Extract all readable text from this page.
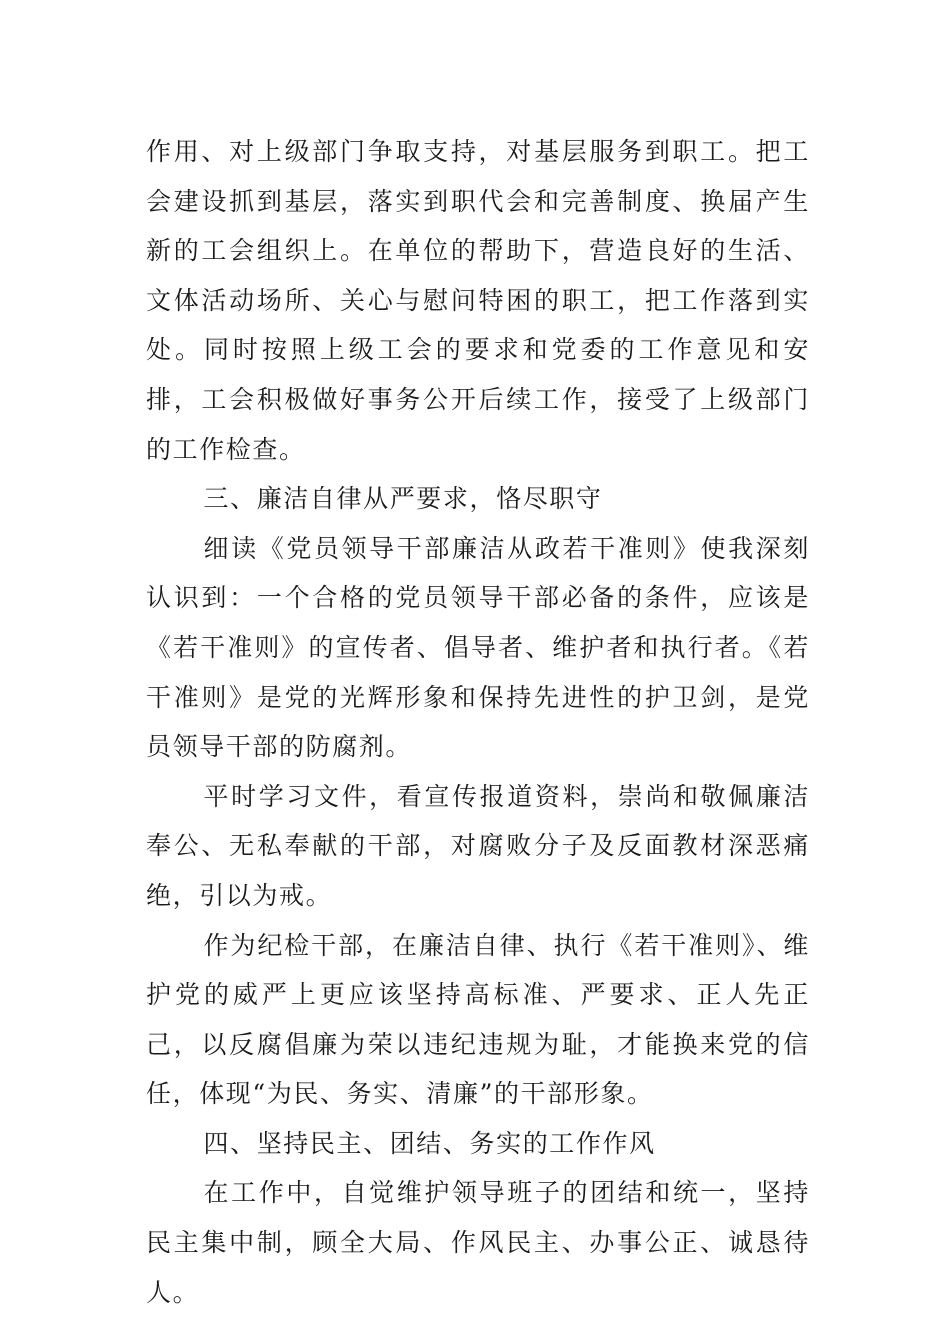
作用、对上级部门争取支持，对基层服务到职工。把工会建设抓到基层，落实到职代会和完善制度、换届产生新的工会组织上。在单位的帮助下，营造良好的生活、文体活动场所、关心与慰问特困的职工，把工作落到实处。同时按照上级工会的要求和党委的工作意见和安排，工会积极做好事务公开后续工作，接受了上级部门的工作检查。

三、廉洁自律从严要求，恪尽职守

细读《党员领导干部廉洁从政若干准则》使我深刻认识到：一个合格的党员领导干部必备的条件，应该是《若干准则》的宣传者、倡导者、维护者和执行者。《若干准则》是党的光辉形象和保持先进性的护卫剑，是党员领导干部的防腐剂。

平时学习文件，看宣传报道资料，崇尚和敬佩廉洁奉公、无私奉献的干部，对腐败分子及反面教材深恶痛绝，引以为戒。

作为纪检干部，在廉洁自律、执行《若干准则》、维护党的威严上更应该坚持高标准、严要求、正人先正己，以反腐倡廉为荣以违纪违规为耻，才能换来党的信任，体现“为民、务实、清廉”的干部形象。

四、坚持民主、团结、务实的工作作风

在工作中，自觉维护领导班子的团结和统一，坚持民主集中制，顾全大局、作风民主、办事公正、诚恳待人。
